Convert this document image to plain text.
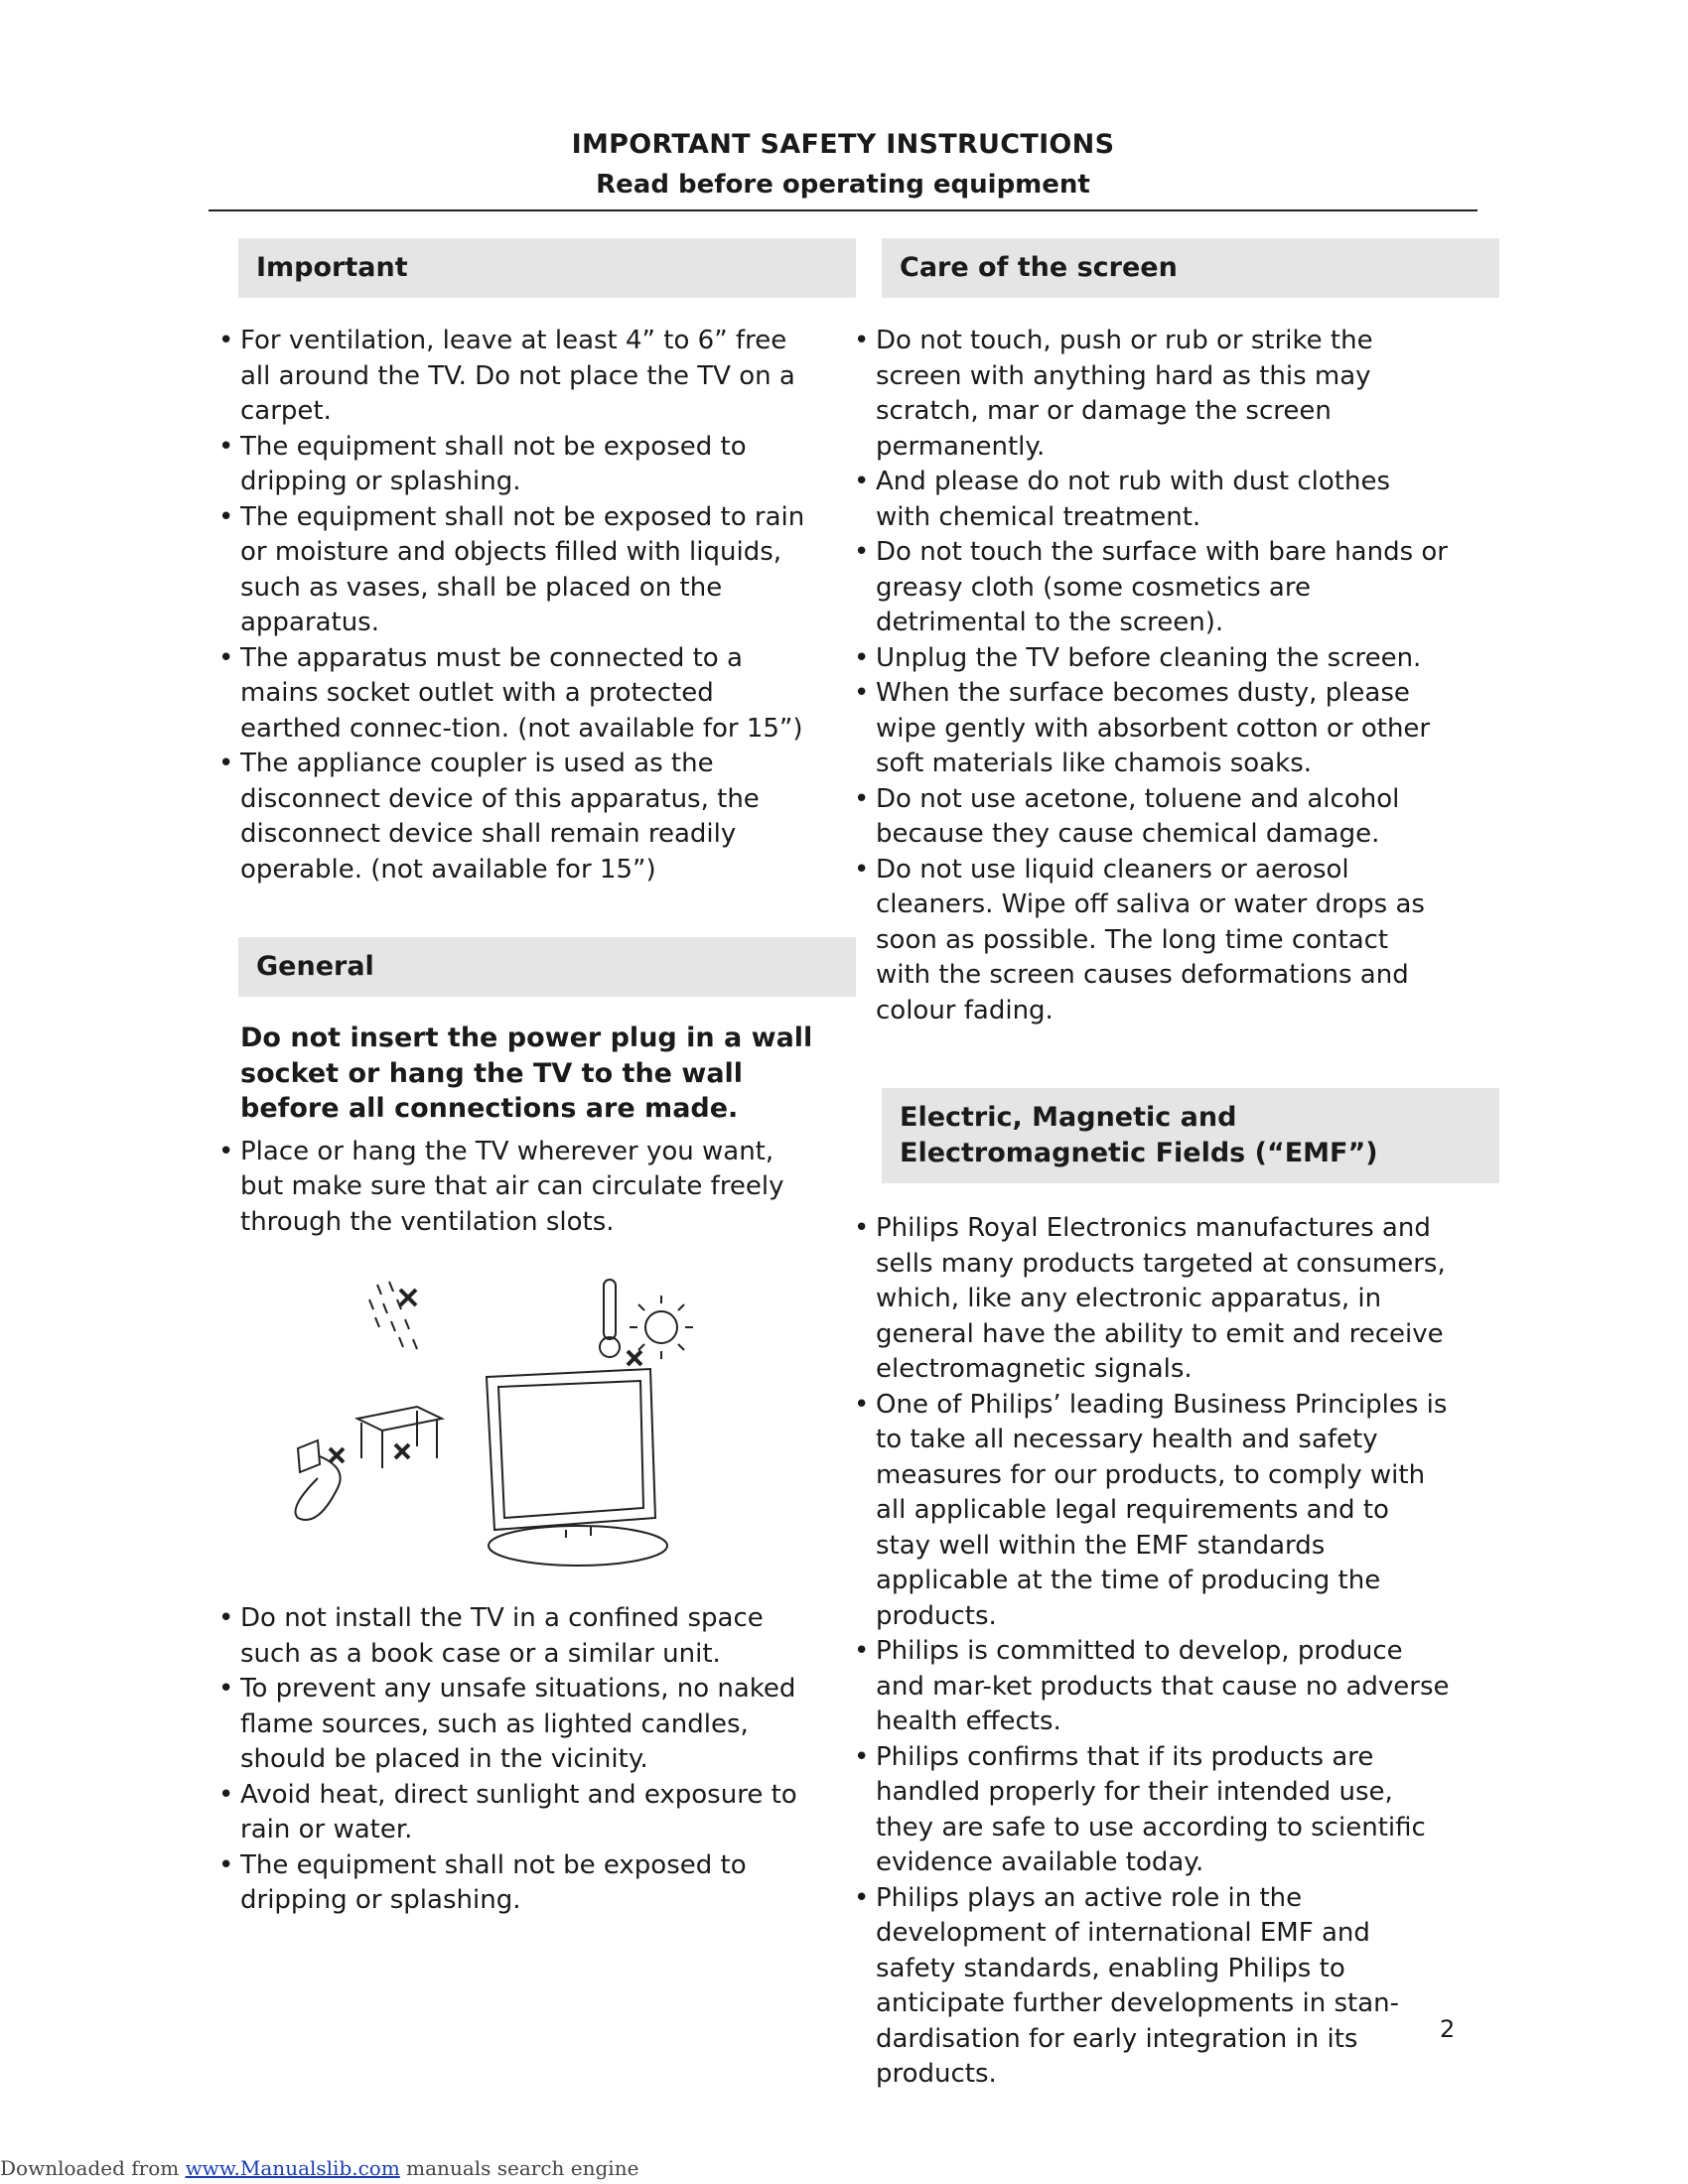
IMPORTANT SAFETY INSTRUCTIONS
Read before operating equipment
Important
• For ventilation, leave at least 4” to 6” free all around the TV. Do not place the TV on a carpet.
• The equipment shall not be exposed to dripping or splashing.
• The equipment shall not be exposed to rain or moisture and objects filled with liquids, such as vases, shall be placed on the apparatus.
• The apparatus must be connected to a mains socket outlet with a protected earthed connec-tion. (not available for 15”)
• The appliance coupler is used as the disconnect device of this apparatus, the disconnect device shall remain readily operable. (not available for 15”)
General

Do not insert the power plug in a wall socket or hang the TV to the wall before all connections are made.

• Place or hang the TV wherever you want, but make sure that air can circulate freely through the ventilation slots.
• Do not install the TV in a confined space such as a book case or a similar unit.
• To prevent any unsafe situations, no naked flame sources, such as lighted candles, should be placed in the vicinity.
• Avoid heat, direct sunlight and exposure to rain or water.
• The equipment shall not be exposed to dripping or splashing.
Care of the screen
• Do not touch, push or rub or strike the screen with anything hard as this may scratch, mar or damage the screen permanently.
• And please do not rub with dust clothes with chemical treatment.
• Do not touch the surface with bare hands or greasy cloth (some cosmetics are detrimental to the screen).
• Unplug the TV before cleaning the screen.
• When the surface becomes dusty, please wipe gently with absorbent cotton or other soft materials like chamois soaks.
• Do not use acetone, toluene and alcohol because they cause chemical damage.
• Do not use liquid cleaners or aerosol cleaners. Wipe off saliva or water drops as soon as possible. The long time contact with the screen causes deformations and colour fading.
Electric, Magnetic and Electromagnetic Fields (“EMF”)
• Philips Royal Electronics manufactures and sells many products targeted at consumers, which, like any electronic apparatus, in general have the ability to emit and receive electromagnetic signals.
• One of Philips’ leading Business Principles is to take all necessary health and safety measures for our products, to comply with all applicable legal requirements and to stay well within the EMF standards applicable at the time of producing the products.
• Philips is committed to develop, produce and mar-ket products that cause no adverse health effects.
• Philips confirms that if its products are handled properly for their intended use, they are safe to use according to scientific evidence available today.
• Philips plays an active role in the development of international EMF and safety standards, enabling Philips to anticipate further developments in stan-dardisation for early integration in its products.
2
Downloaded from www.Manualslib.com manuals search engine
